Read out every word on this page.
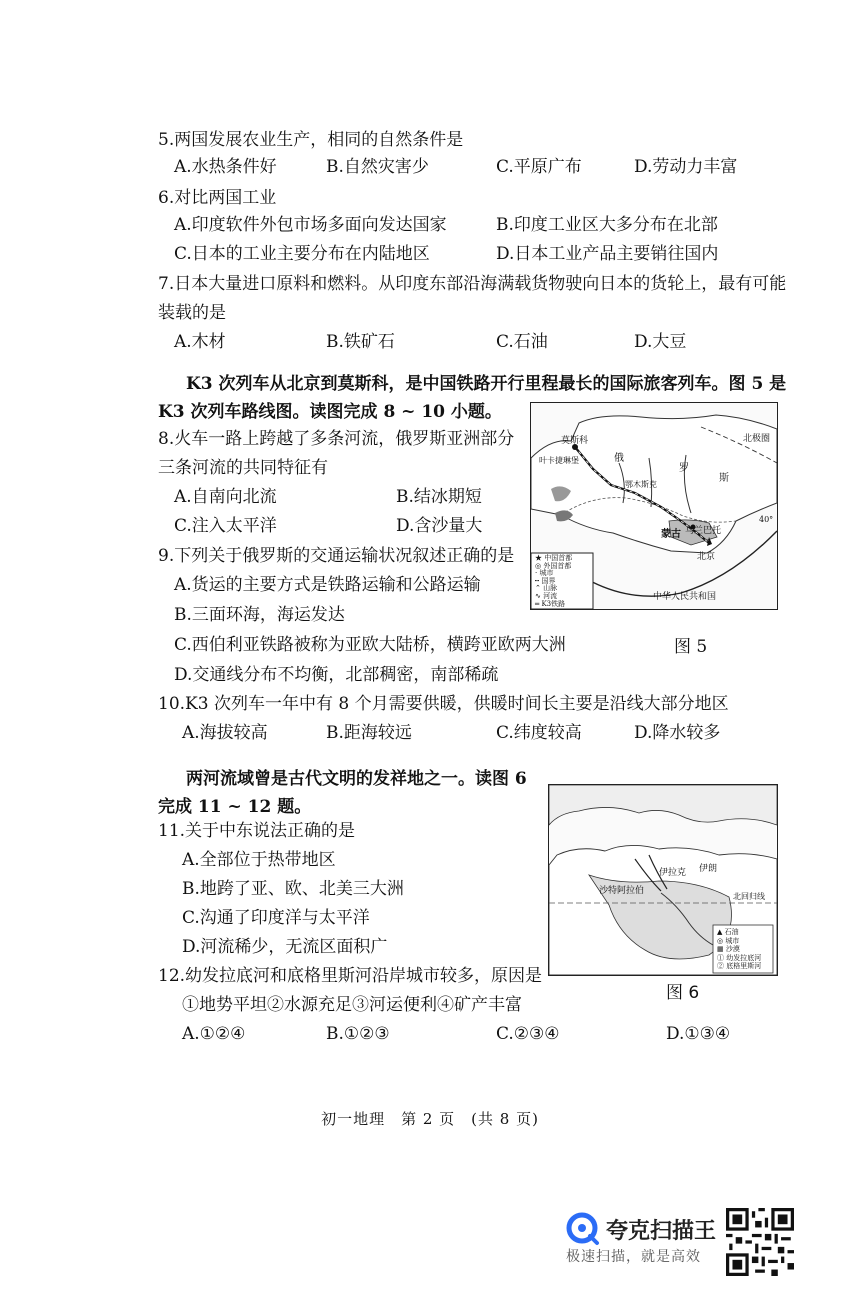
5.两国发展农业生产，相同的自然条件是
A.水热条件好	B.自然灾害少	C.平原广布	D.劳动力丰富
6.对比两国工业
A.印度软件外包市场多面向发达国家	B.印度工业区大多分布在北部
C.日本的工业主要分布在内陆地区	D.日本工业产品主要销往国内
7.日本大量进口原料和燃料。从印度东部沿海满载货物驶向日本的货轮上，最有可能
装载的是
A.木材	B.铁矿石	C.石油	D.大豆
K3 次列车从北京到莫斯科，是中国铁路开行里程最长的国际旅客列车。图 5 是
K3 次列车路线图。读图完成 8 ~ 10 小题。
8.火车一路上跨越了多条河流，俄罗斯亚洲部分
三条河流的共同特征有
A.自南向北流	B.结冰期短
C.注入太平洋	D.含沙量大
9.下列关于俄罗斯的交通运输状况叙述正确的是
A.货运的主要方式是铁路运输和公路运输
B.三面环海，海运发达
C.西伯利亚铁路被称为亚欧大陆桥，横跨亚欧两大洲
D.交通线分布不均衡，北部稠密，南部稀疏
10.K3 次列车一年中有 8 个月需要供暖，供暖时间长主要是沿线大部分地区
A.海拔较高	B.距海较远	C.纬度较高	D.降水较多
两河流域曾是古代文明的发祥地之一。读图 6
完成 11 ~ 12 题。
11.关于中东说法正确的是
A.全部位于热带地区
B.地跨了亚、欧、北美三大洲
C.沟通了印度洋与太平洋
D.河流稀少，无流区面积广
12.幼发拉底河和底格里斯河沿岸城市较多，原因是
①地势平坦②水源充足③河运便利④矿产丰富
A.①②④	B.①②③	C.②③④	D.①③④
莫斯科
俄
叶卡捷琳堡
鄂木斯克
罗
斯
北极圈
蒙古 乌兰巴托
北京
中华人民共和国
40°
★ 中国首都
◎ 外国首都
· 城市
┅ 国界
⌃ 山脉
∿ 河流
═ K3铁路
图 5
沙特阿拉伯
伊拉克 伊朗
北回归线
▲ 石油
◎ 城市
▦ 沙漠
① 幼发拉底河
② 底格里斯河
图 6
初一地理　第 2 页　(共 8 页)
夸克扫描王
极速扫描，就是高效
